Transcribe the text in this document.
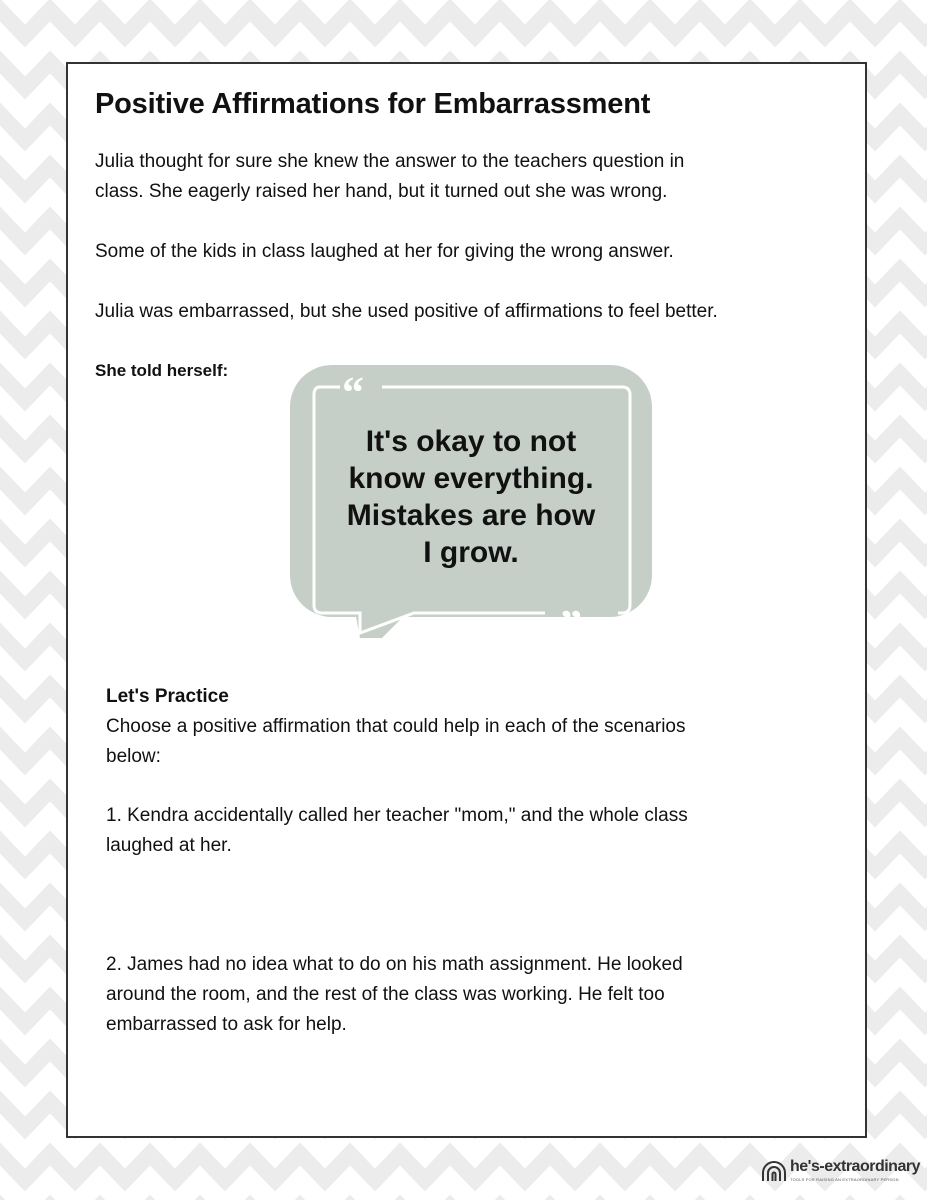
Positive Affirmations for Embarrassment

Julia thought for sure she knew the answer to the teachers question in

class. She eagerly raised her hand, but it turned out she was wrong.

Some of the kids in class laughed at her for giving the wrong answer.

Julia was embarrassed, but she used positive of affirmations to feel better.

She told herself:	“
”
It's okay to not
know everything.
Mistakes are how
I grow.

Let's Practice

Choose a positive affirmation that could help in each of the scenarios

below:

1. Kendra accidentally called her teacher "mom," and the whole class

laughed at her.

2. James had no idea what to do on his math assignment. He looked

around the room, and the rest of the class was working. He felt too

embarrassed to ask for help.

he's-extraordinary
TOOLS FOR RAISING AN EXTRAORDINARY PERSON
